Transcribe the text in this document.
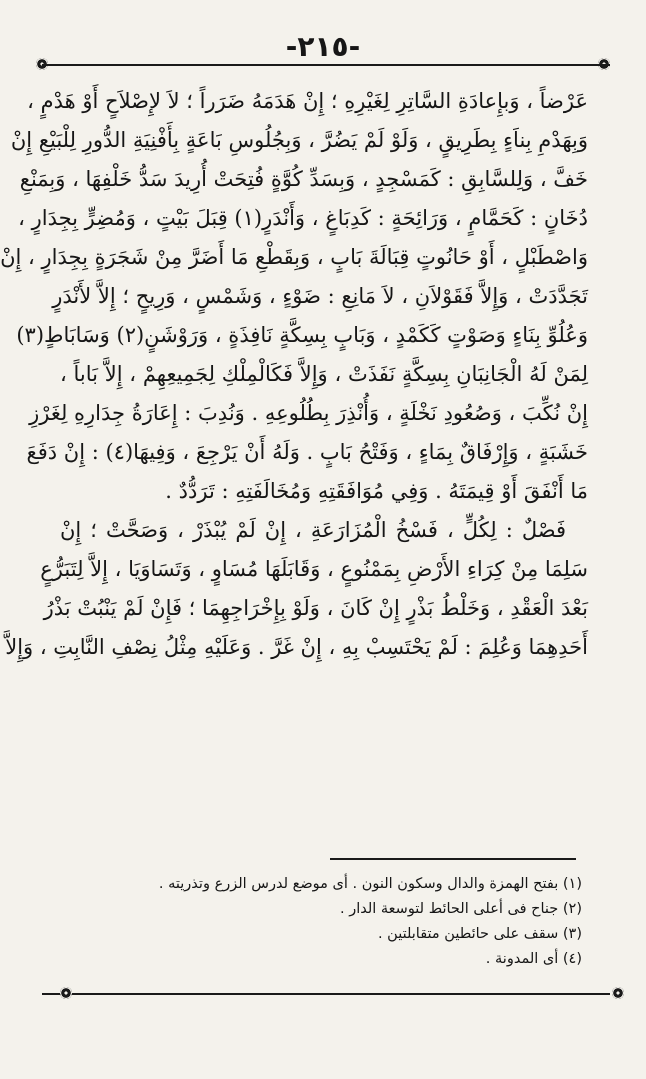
-٢١٥-
عَرْضاً ، وَبإِعادَةِ السَّاتِرِ لِغَيْرِهِ ؛ إِنْ هَدَمَهُ ضَرَراً ؛ لاَ لإِصْلاَحٍ أَوْ هَدْمٍ ،
وَبِهَدْمِ بِناَءٍ بِطَرِيقٍ ، وَلَوْ لَمْ يَضُرَّ ، وَبِجُلُوسِ بَاعَةٍ بِأَفْنِيَةِ الدُّورِ لِلْبَيْعِ إِنْ
خَفَّ ، وَلِلسَّابِقِ : كَمَسْجِدٍ ، وَبِسَدِّ كُوَّةٍ فُتِحَتْ أُرِيدَ سَدُّ خَلْفِهَا ، وَبِمَنْعِ
دُخَانٍ : كَحَمَّامٍ ، وَرَائِحَةٍ : كَدِبَاغٍ ، وَأَنْدَرٍ(١) قِبَلَ بَيْتٍ ، وَمُضِرٍّ بِجِدَارٍ ،
وَاصْطَبْلٍ ، أَوْ حَانُوتٍ قِبَالَةَ بَابٍ ، وَبِقَطْعِ مَا أَضَرَّ مِنْ شَجَرَةٍ بِجِدَارٍ ، إِنْ
تَجَدَّدَتْ ، وَإِلاَّ فَقَوْلاَنِ ، لاَ مَانِعِ : ضَوْءٍ ، وَشَمْسٍ ، وَرِيحٍ ؛ إِلاَّ لأَنْدَرٍ
وَعُلُوِّ بِنَاءٍ وَصَوْتٍ كَكَمْدٍ ، وَبَابٍ بِسِكَّةٍ نَافِذَةٍ ، وَرَوْشَنٍ(٢) وَسَابَاطٍ(٣)
لِمَنْ لَهُ الْجَانِبَانِ بِسِكَّةٍ نَفَذَتْ ، وَإِلاَّ فَكَالْمِلْكِ لِجَمِيعِهِمْ ، إِلاَّ بَاباً ،
إِنْ نُكِّبَ ، وَصُعُودِ نَخْلَةٍ ، وَأُنْذِرَ بِطُلُوعِهِ . وَنُدِبَ : إِعَارَةُ جِدَارِهِ لِغَرْزِ
خَشَبَةٍ ، وَإِرْفَاقٌ بِمَاءٍ ، وَفَتْحُ بَابٍ . وَلَهُ أَنْ يَرْجِعَ ، وَفِيهَا(٤) : إِنْ دَفَعَ
مَا أَنْفَقَ أَوْ قِيمَتَهُ . وَفِي مُوَافَقَتِهِ وَمُخَالَفَتِهِ : تَرَدُّدٌ .
فَصْلٌ : لِكُلٍّ ، فَسْخُ الْمُزَارَعَةِ ، إِنْ لَمْ يُبْذَرْ ، وَصَحَّتْ ؛ إِنْ
سَلِمَا مِنْ كِرَاءِ الأَرْضِ بِمَمْنُوعٍ ، وَقَابَلَهَا مُسَاوٍ ، وَتَسَاوَيَا ، إِلاَّ لِتَبَرُّعٍ
بَعْدَ الْعَقْدِ ، وَخَلْطُ بَذْرٍ إِنْ كَانَ ، وَلَوْ بِإِخْرَاجِهِمَا ؛ فَإِنْ لَمْ يَنْبُتْ بَذْرُ
أَحَدِهِمَا وَعُلِمَ : لَمْ يَحْتَسِبْ بِهِ ، إِنْ غَرَّ . وَعَلَيْهِ مِثْلُ نِصْفِ النَّابِتِ ، وَإِلاَّ
(١) بفتح الهمزة والدال وسكون النون . أى موضع لدرس الزرع وتذريته .
(٢) جناح فى أعلى الحائط لتوسعة الدار .
(٣) سقف على حائطين متقابلتين .
(٤) أى المدونة .
